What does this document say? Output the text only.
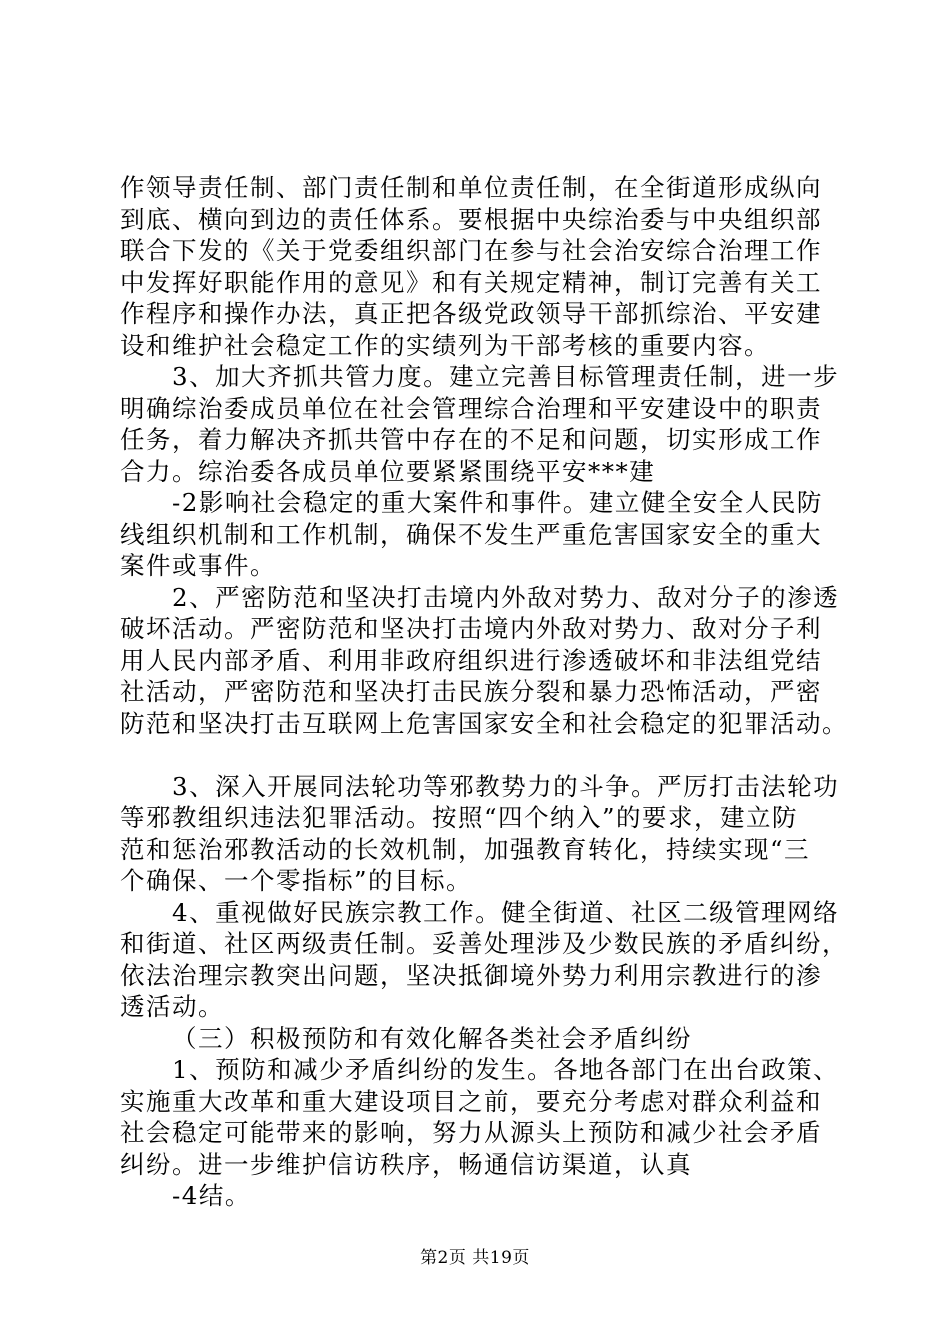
作领导责任制、部门责任制和单位责任制，在全街道形成纵向
到底、横向到边的责任体系。要根据中央综治委与中央组织部
联合下发的《关于党委组织部门在参与社会治安综合治理工作
中发挥好职能作用的意见》和有关规定精神，制订完善有关工
作程序和操作办法，真正把各级党政领导干部抓综治、平安建
设和维护社会稳定工作的实绩列为干部考核的重要内容。
3、加大齐抓共管力度。建立完善目标管理责任制，进一步
明确综治委成员单位在社会管理综合治理和平安建设中的职责
任务，着力解决齐抓共管中存在的不足和问题，切实形成工作
合力。综治委各成员单位要紧紧围绕平安***建
-2影响社会稳定的重大案件和事件。建立健全安全人民防
线组织机制和工作机制，确保不发生严重危害国家安全的重大
案件或事件。
2、严密防范和坚决打击境内外敌对势力、敌对分子的渗透
破坏活动。严密防范和坚决打击境内外敌对势力、敌对分子利
用人民内部矛盾、利用非政府组织进行渗透破坏和非法组党结
社活动，严密防范和坚决打击民族分裂和暴力恐怖活动，严密
防范和坚决打击互联网上危害国家安全和社会稳定的犯罪活动。
3、深入开展同法轮功等邪教势力的斗争。严厉打击法轮功
等邪教组织违法犯罪活动。按照“四个纳入”的要求，建立防
范和惩治邪教活动的长效机制，加强教育转化，持续实现“三
个确保、一个零指标”的目标。
4、重视做好民族宗教工作。健全街道、社区二级管理网络
和街道、社区两级责任制。妥善处理涉及少数民族的矛盾纠纷，
依法治理宗教突出问题，坚决抵御境外势力利用宗教进行的渗
透活动。
（三）积极预防和有效化解各类社会矛盾纠纷
1、预防和减少矛盾纠纷的发生。各地各部门在出台政策、
实施重大改革和重大建设项目之前，要充分考虑对群众利益和
社会稳定可能带来的影响，努力从源头上预防和减少社会矛盾
纠纷。进一步维护信访秩序，畅通信访渠道，认真
-4结。
第2页 共19页
